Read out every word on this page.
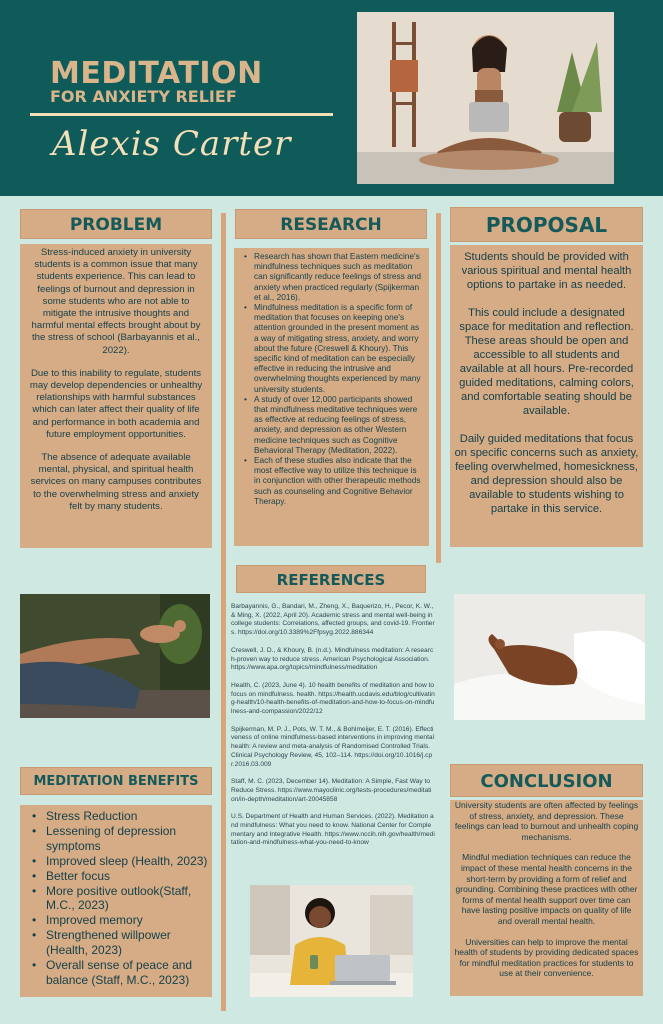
MEDITATION
FOR ANXIETY RELIEF
Alexis Carter
PROBLEM

Stress-induced anxiety in university students is a common issue that many students experience. This can lead to feelings of burnout and depression in some students who are not able to mitigate the intrusive thoughts and harmful mental effects brought about by the stress of school (Barbayannis et al., 2022).

Due to this inability to regulate, students may develop dependencies or unhealthy relationships with harmful substances which can later affect their quality of life and performance in both academia and future employment opportunities.

The absence of adequate available mental, physical, and spiritual health services on many campuses contributes to the overwhelming stress and anxiety felt by many students.

RESEARCH
• Research has shown that Eastern medicine's mindfulness techniques such as meditation can significantly reduce feelings of stress and anxiety when practiced regularly (Spijkerman et al., 2016).
• Mindfulness meditation is a specific form of meditation that focuses on keeping one's attention grounded in the present moment as a way of mitigating stress, anxiety, and worry about the future (Creswell & Khoury). This specific kind of meditation can be especially effective in reducing the intrusive and overwhelming thoughts experienced by many university students.
• A study of over 12,000 participants showed that mindfulness meditative techniques were as effective at reducing feelings of stress, anxiety, and depression as other Western medicine techniques such as Cognitive Behavioral Therapy (Meditation, 2022).
• Each of these studies also indicate that the most effective way to utilize this technique is in conjunction with other therapeutic methods such as counseling and Cognitive Behavior Therapy.
PROPOSAL

Students should be provided with various spiritual and mental health options to partake in as needed.

This could include a designated space for meditation and reflection. These areas should be open and accessible to all students and available at all hours. Pre-recorded guided meditations, calming colors, and comfortable seating should be available.

Daily guided meditations that focus on specific concerns such as anxiety, feeling overwhelmed, homesickness, and depression should also be available to students wishing to partake in this service.

REFERENCES

Barbayannis, G., Bandari, M., Zheng, X., Baquerizo, H., Pecor, K. W., & Ming, X. (2022, April 20). Academic stress and mental well-being in college students: Correlations, affected groups, and covid-19. Frontiers. https://doi.org/10.3389%2Ffpsyg.2022.886344

Creswell, J. D., & Khoury, B. (n.d.). Mindfulness meditation: A research-proven way to reduce stress. American Psychological Association. https://www.apa.org/topics/mindfulness/meditation

Health, C. (2023, June 4). 10 health benefits of meditation and how to focus on mindfulness. health. https://health.ucdavis.edu/blog/cultivating-health/10-health-benefits-of-meditation-and-how-to-focus-on-mindfulness-and-compassion/2022/12

Spijkerman, M. P. J., Pots, W. T. M., & Bohlmeijer, E. T. (2016). Effectiveness of online mindfulness-based interventions in improving mental health: A review and meta-analysis of Randomised Controlled Trials. Clinical Psychology Review, 45, 102–114. https://doi.org/10.1016/j.cpr.2016.03.009

Staff, M. C. (2023, December 14). Meditation: A Simple, Fast Way to Reduce Stress. https://www.mayoclinic.org/tests-procedures/meditation/in-depth/meditation/art-20045858

U.S. Department of Health and Human Services. (2022). Meditation and mindfulness: What you need to know. National Center for Complementary and Integrative Health. https://www.nccih.nih.gov/health/meditation-and-mindfulness-what-you-need-to-know

MEDITATION BENEFITS
• Stress Reduction
• Lessening of depression symptoms
• Improved sleep (Health, 2023)
• Better focus
• More positive outlook(Staff, M.C., 2023)
• Improved memory
• Strengthened willpower (Health, 2023)
• Overall sense of peace and balance (Staff, M.C., 2023)
CONCLUSION

University students are often affected by feelings of stress, anxiety, and depression. These feelings can lead to burnout and unhealth coping mechanisms.

Mindful mediation techniques can reduce the impact of these mental health concerns in the short-term by providing a form of relief and grounding. Combining these practices with other forms of mental health support over time can have lasting positive impacts on quality of life and overall mental health.

Universities can help to improve the mental health of students by providing dedicated spaces for mindful meditation practices for students to use at their convenience.
